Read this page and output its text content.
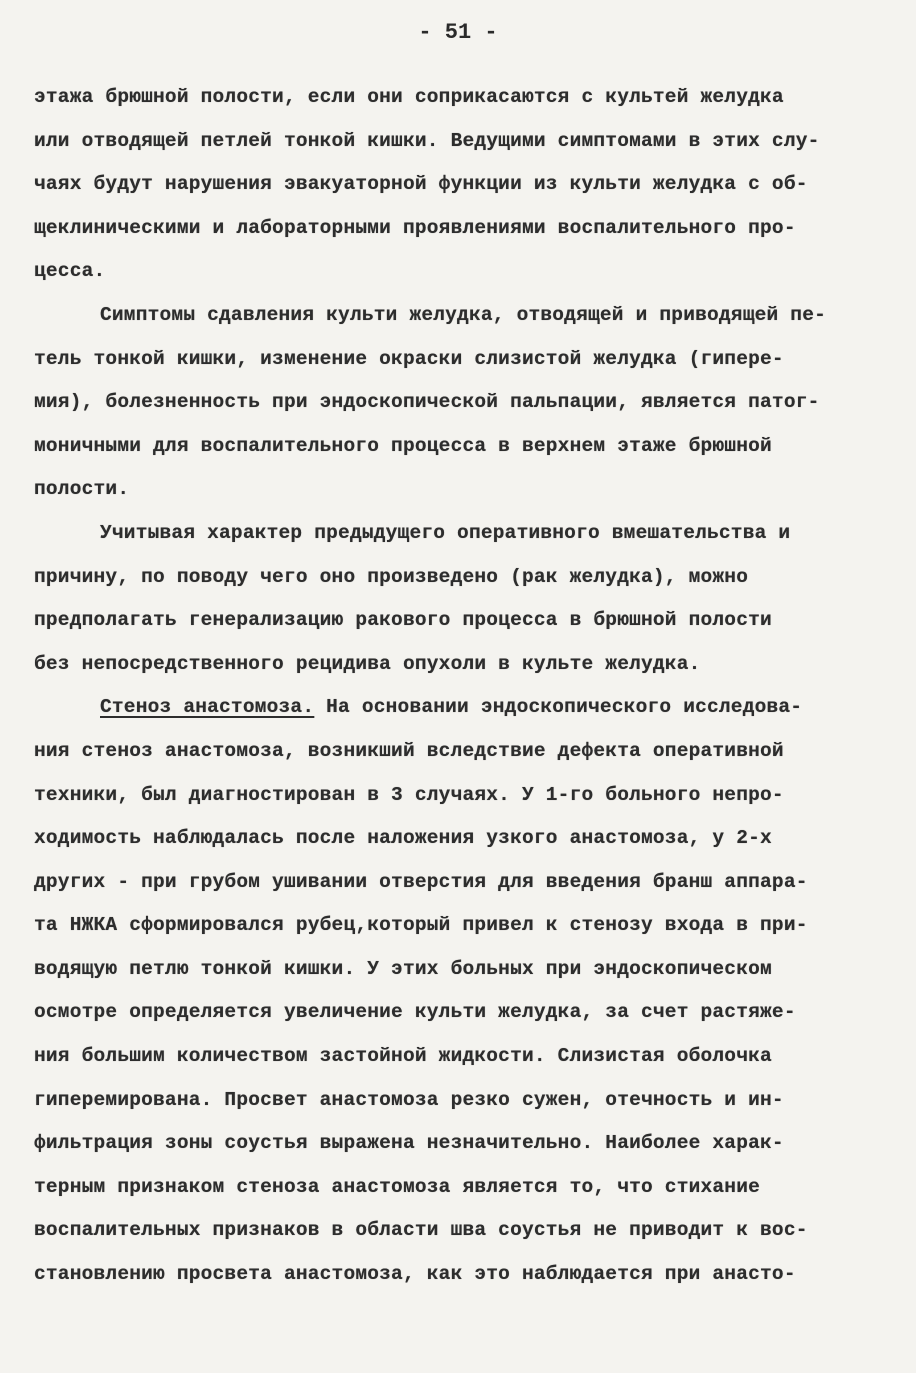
- 51 -
этажа брюшной полости, если они соприкасаются с культей желудка
или отводящей петлей тонкой кишки. Ведущими симптомами в этих слу-
чаях будут нарушения эвакуаторной функции из культи желудка с об-
щеклиническими и лабораторными проявлениями воспалительного про-
цесса.
Симптомы сдавления культи желудка, отводящей и приводящей пе-
тель тонкой кишки, изменение окраски слизистой желудка (гипере-
мия), болезненность при эндоскопической пальпации, является патог-
моничными для воспалительного процесса в верхнем этаже брюшной
полости.
Учитывая характер предыдущего оперативного вмешательства и
причину, по поводу чего оно произведено (рак желудка), можно
предполагать генерализацию ракового процесса в брюшной полости
без непосредственного рецидива опухоли в культе желудка.
Стеноз анастомоза. На основании эндоскопического исследова-
ния стеноз анастомоза, возникший вследствие дефекта оперативной
техники, был диагностирован в 3 случаях. У 1-го больного непро-
ходимость наблюдалась после наложения узкого анастомоза, у 2-х
других - при грубом ушивании отверстия для введения бранш аппара-
та НЖКА сформировался рубец,который привел к стенозу входа в при-
водящую петлю тонкой кишки. У этих больных при эндоскопическом
осмотре определяется увеличение культи желудка, за счет растяже-
ния большим количеством застойной жидкости. Слизистая оболочка
гиперемирована. Просвет анастомоза резко сужен, отечность и ин-
фильтрация зоны соустья выражена незначительно. Наиболее харак-
терным признаком стеноза анастомоза является то, что стихание
воспалительных признаков в области шва соустья не приводит к вос-
становлению просвета анастомоза, как это наблюдается при анасто-
